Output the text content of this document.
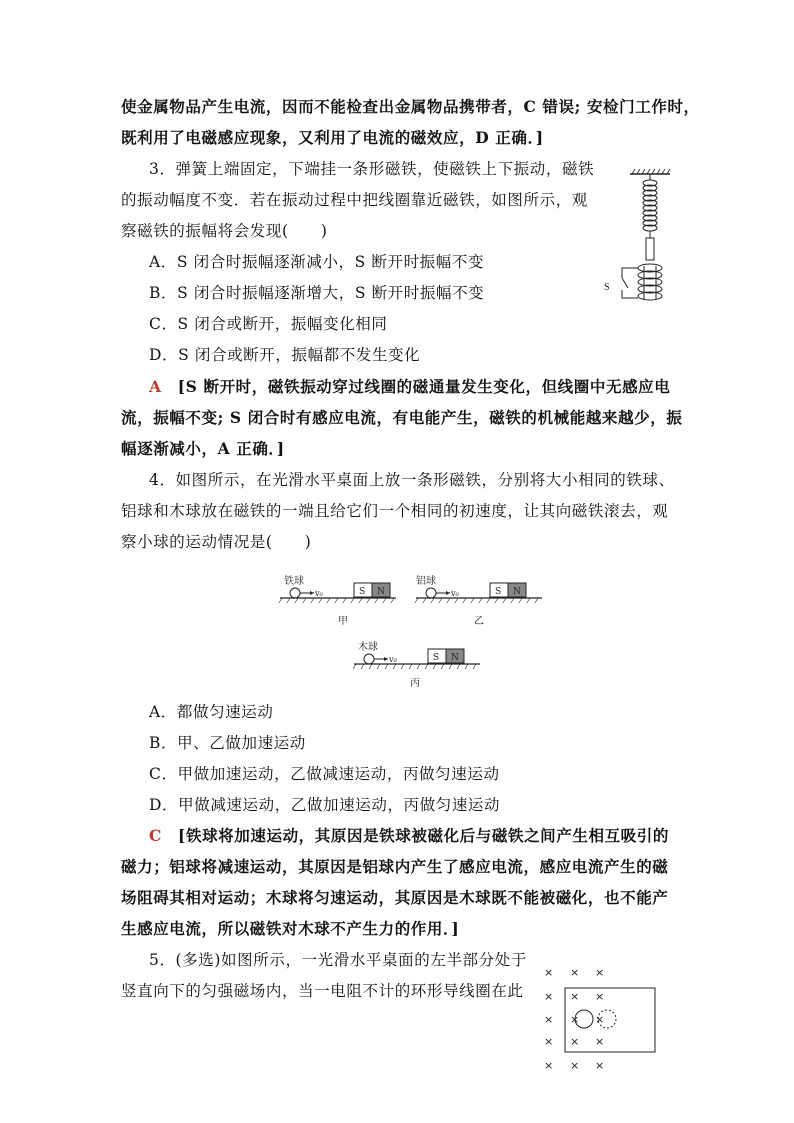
使金属物品产生电流，因而不能检查出金属物品携带者，C 错误; 安检门工作时，
既利用了电磁感应现象，又利用了电流的磁效应，D 正确．]
3．弹簧上端固定，下端挂一条形磁铁，使磁铁上下振动，磁铁
的振动幅度不变．若在振动过程中把线圈靠近磁铁，如图所示，观
察磁铁的振幅将会发现(　　)
A．S 闭合时振幅逐渐减小，S 断开时振幅不变
B．S 闭合时振幅逐渐增大，S 断开时振幅不变
C．S 闭合或断开，振幅变化相同
D．S 闭合或断开，振幅都不发生变化
A　[S 断开时，磁铁振动穿过线圈的磁通量发生变化，但线圈中无感应电
流，振幅不变; S 闭合时有感应电流，有电能产生，磁铁的机械能越来越少，振
幅逐渐减小，A 正确．]
4．如图所示，在光滑水平桌面上放一条形磁铁，分别将大小相同的铁球、
铝球和木球放在磁铁的一端且给它们一个相同的初速度，让其向磁铁滚去，观
察小球的运动情况是(　　)
A．都做匀速运动
B．甲、乙做加速运动
C．甲做加速运动，乙做减速运动，丙做匀速运动
D．甲做减速运动，乙做加速运动，丙做匀速运动
C　[铁球将加速运动，其原因是铁球被磁化后与磁铁之间产生相互吸引的
磁力；铝球将减速运动，其原因是铝球内产生了感应电流，感应电流产生的磁
场阻碍其相对运动；木球将匀速运动，其原因是木球既不能被磁化，也不能产
生感应电流，所以磁铁对木球不产生力的作用．]
5．(多选)如图所示，一光滑水平桌面的左半部分处于
竖直向下的匀强磁场内，当一电阻不计的环形导线圈在此
S
铁球
v₀	S N
甲
铝球
v₀	S N
乙
木球
v₀	S N
丙
× × ×
× × ×
× × ×
× × ×
× × ×
